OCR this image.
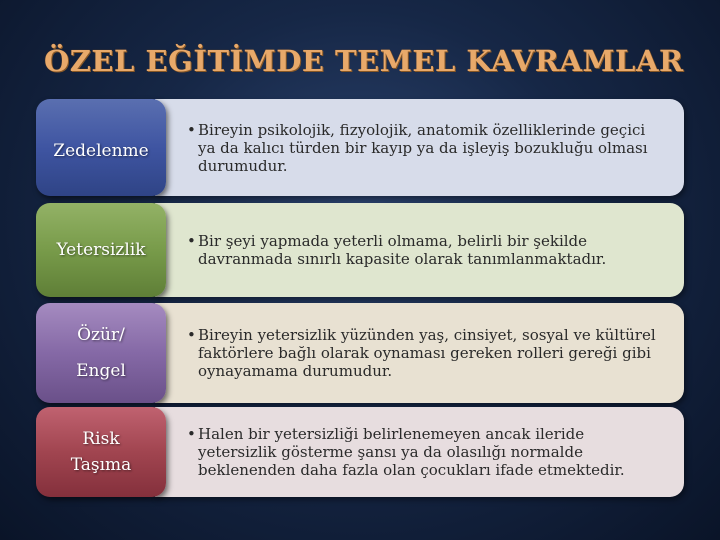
ÖZEL EĞİTİMDE TEMEL KAVRAMLAR
• Bireyin psikolojik, fizyolojik, anatomik özelliklerinde geçici ya da kalıcı türden bir kayıp ya da işleyiş bozukluğu olması durumudur.
Zedelenme
• Bir şeyi yapmada yeterli olmama, belirli bir şekilde davranmada sınırlı kapasite olarak tanımlanmaktadır.
Yetersizlik
• Bireyin yetersizlik yüzünden yaş, cinsiyet, sosyal ve kültürel faktörlere bağlı olarak oynaması gereken rolleri gereği gibi oynayamama durumudur.
Özür/ Engel
• Halen bir yetersizliği belirlenemeyen ancak ileride yetersizlik gösterme şansı ya da olasılığı normalde beklenenden daha fazla olan çocukları ifade etmektedir.
Risk Taşıma
